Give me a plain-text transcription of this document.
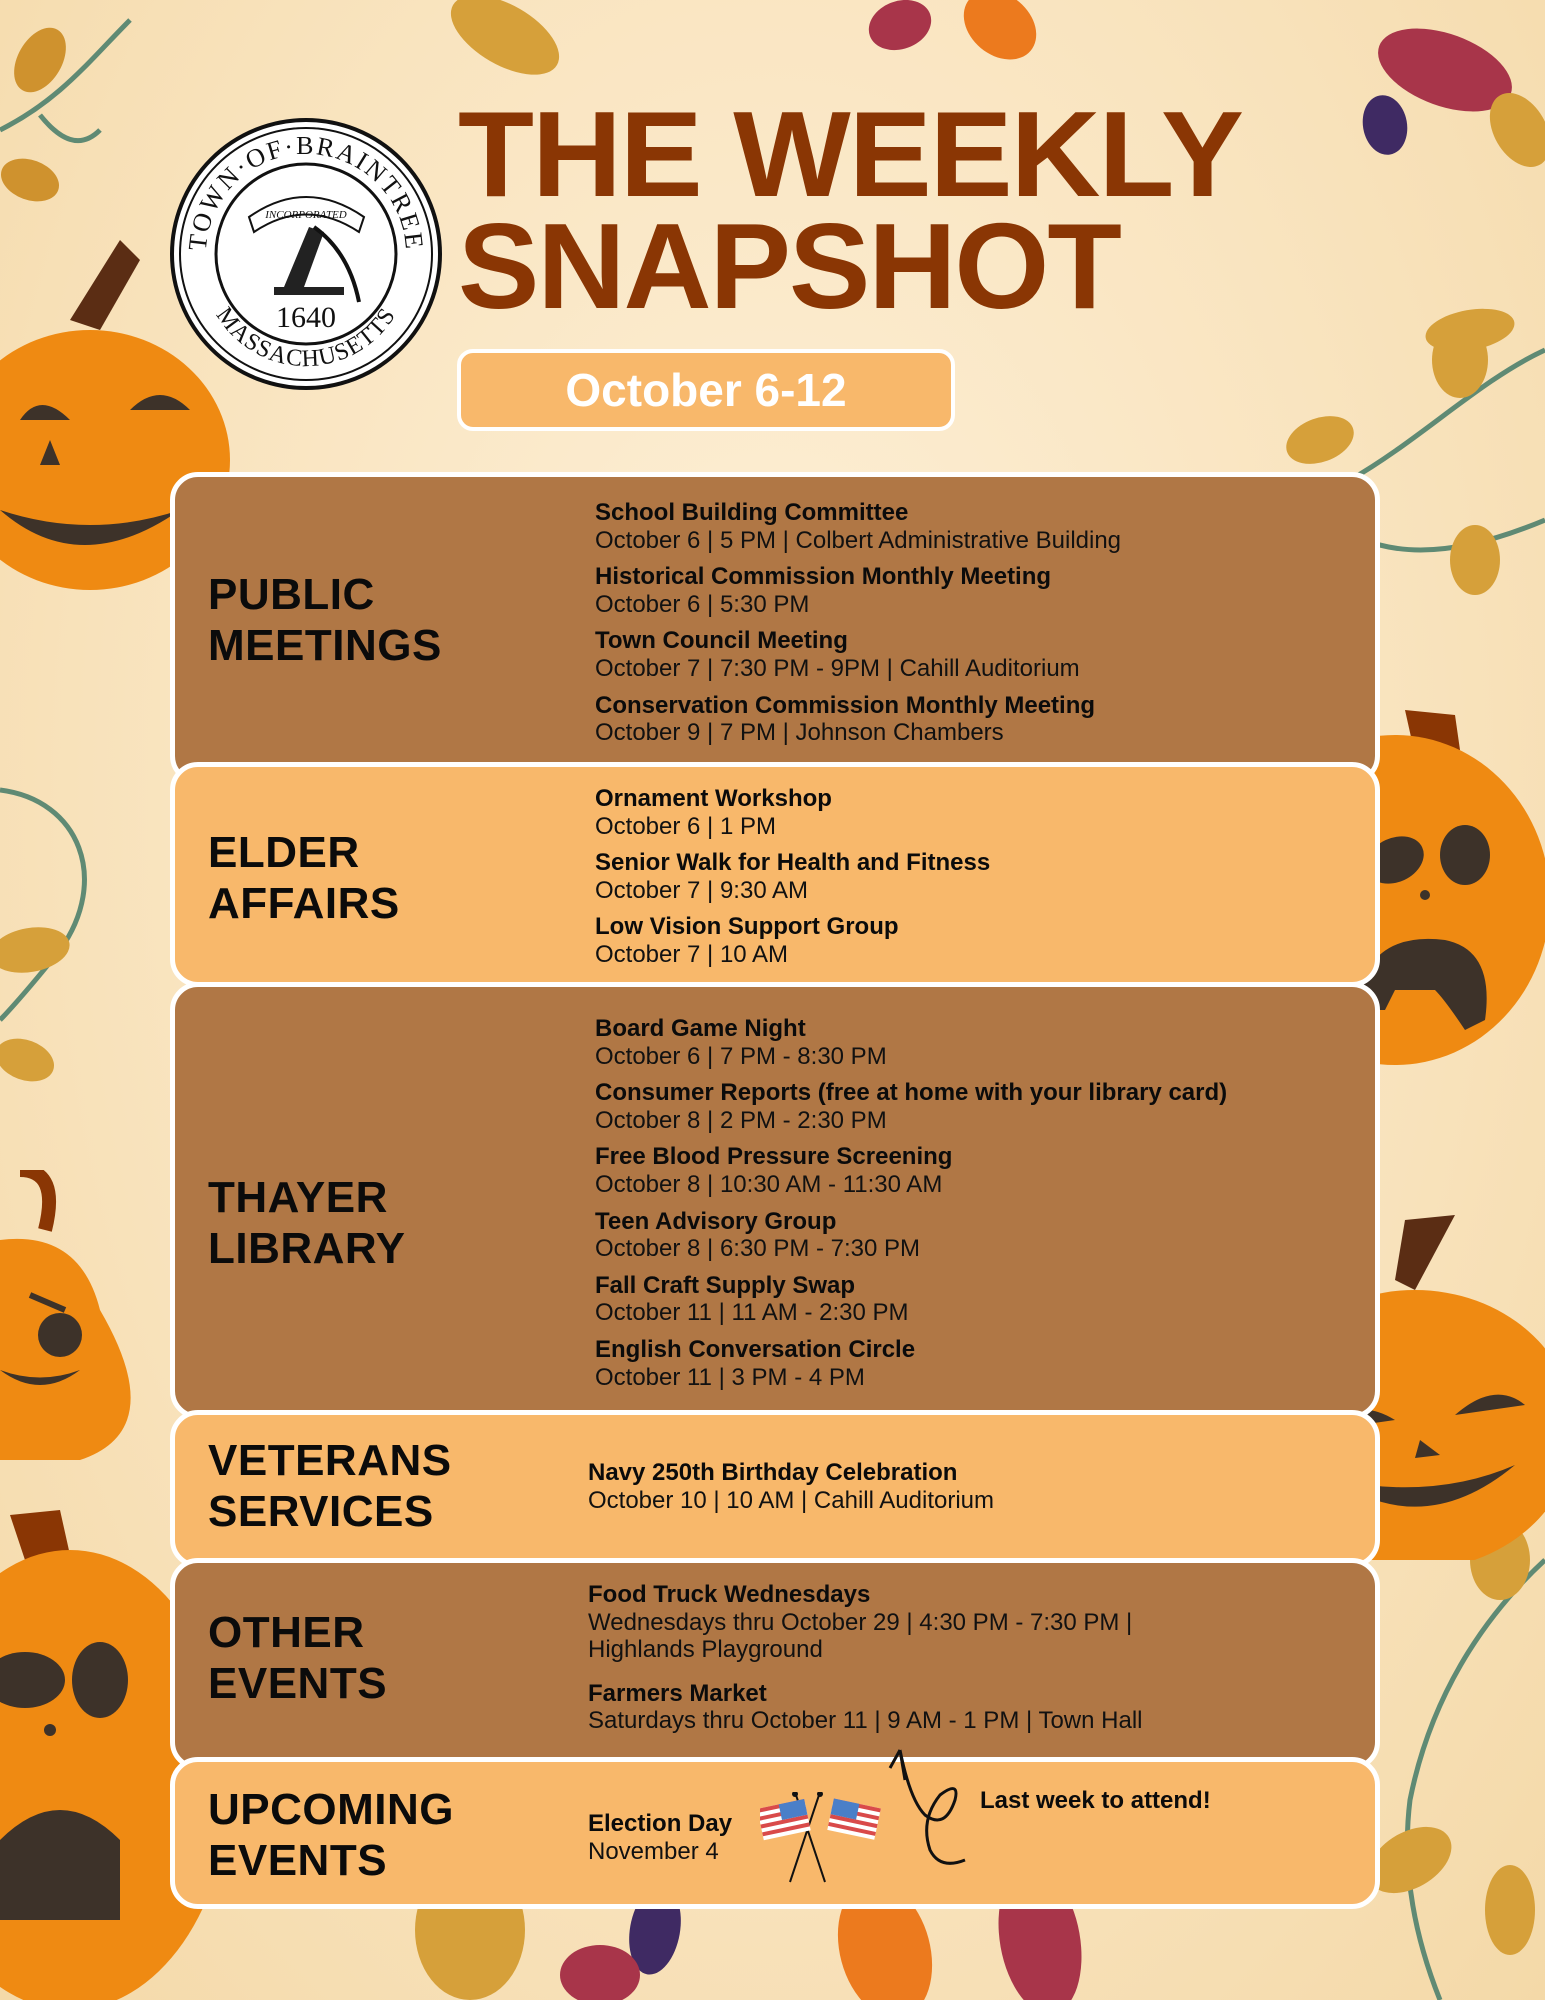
TOWN·OF·BRAINTREE
MASSACHUSETTS
INCORPORATED
1640
THE WEEKLY
SNAPSHOT
October 6-12
PUBLIC
MEETINGS
School Building Committee
October 6 | 5 PM | Colbert Administrative Building
Historical Commission Monthly Meeting
October 6 | 5:30 PM
Town Council Meeting
October 7 | 7:30 PM - 9PM | Cahill Auditorium
Conservation Commission Monthly Meeting
October 9 | 7 PM | Johnson Chambers
ELDER
AFFAIRS
Ornament Workshop
October 6 | 1 PM
Senior Walk for Health and Fitness
October 7 | 9:30 AM
Low Vision Support Group
October 7 | 10 AM
THAYER
LIBRARY
Board Game Night
October 6 | 7 PM - 8:30 PM
Consumer Reports (free at home with your library card)
October 8 | 2 PM - 2:30 PM
Free Blood Pressure Screening
October 8 | 10:30 AM - 11:30 AM
Teen Advisory Group
October 8 | 6:30 PM - 7:30 PM
Fall Craft Supply Swap
October 11 | 11 AM - 2:30 PM
English Conversation Circle
October 11 | 3 PM - 4 PM
VETERANS
SERVICES
Navy 250th Birthday Celebration
October 10 | 10 AM | Cahill Auditorium
OTHER
EVENTS
Food Truck Wednesdays
Wednesdays thru October 29 | 4:30 PM - 7:30 PM |
Highlands Playground
Farmers Market
Saturdays thru October 11 | 9 AM - 1 PM | Town Hall
UPCOMING
EVENTS
Election Day
November 4
Last week to attend!
